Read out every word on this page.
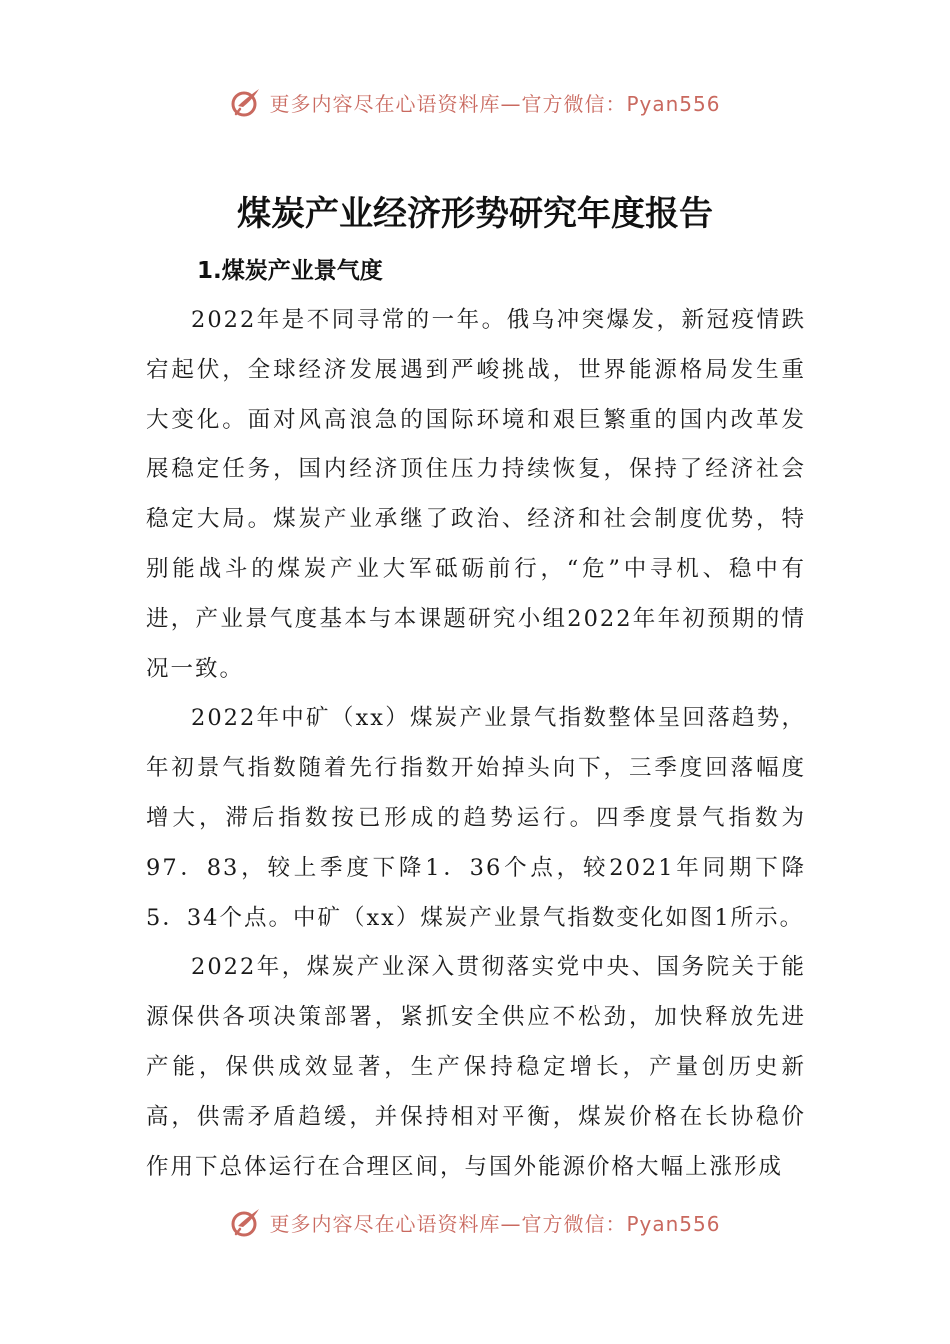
更多内容尽在心语资料库—官方微信：Pyan556
煤炭产业经济形势研究年度报告
1.煤炭产业景气度

2022年是不同寻常的一年。俄乌冲突爆发，新冠疫情跌宕起伏，全球经济发展遇到严峻挑战，世界能源格局发生重大变化。面对风高浪急的国际环境和艰巨繁重的国内改革发展稳定任务，国内经济顶住压力持续恢复，保持了经济社会稳定大局。煤炭产业承继了政治、经济和社会制度优势，特别能战斗的煤炭产业大军砥砺前行，“危”中寻机、稳中有进，产业景气度基本与本课题研究小组2022年年初预期的情况一致。

2022年中矿（xx）煤炭产业景气指数整体呈回落趋势，年初景气指数随着先行指数开始掉头向下，三季度回落幅度增大，滞后指数按已形成的趋势运行。四季度景气指数为97．83，较上季度下降1．36个点，较2021年同期下降5．34个点。中矿（xx）煤炭产业景气指数变化如图1所示。

2022年，煤炭产业深入贯彻落实党中央、国务院关于能源保供各项决策部署，紧抓安全供应不松劲，加快释放先进产能，保供成效显著，生产保持稳定增长，产量创历史新高，供需矛盾趋缓，并保持相对平衡，煤炭价格在长协稳价作用下总体运行在合理区间，与国外能源价格大幅上涨形成

更多内容尽在心语资料库—官方微信：Pyan556
